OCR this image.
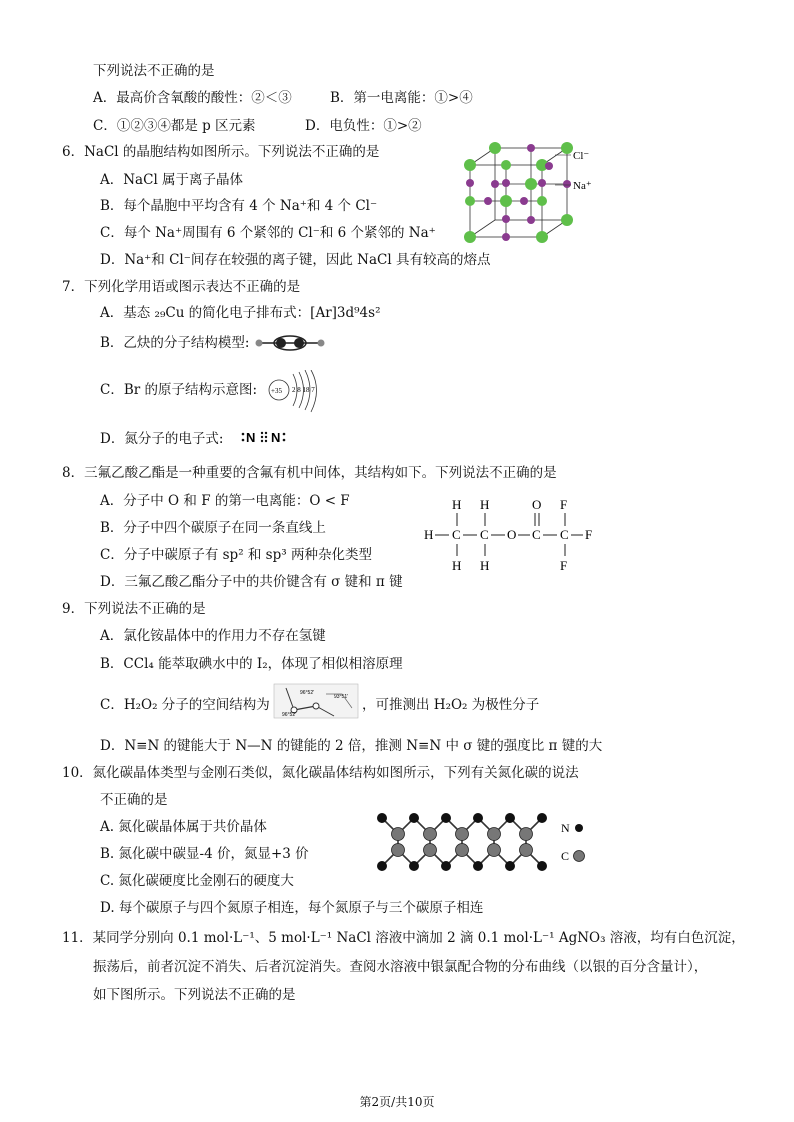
下列说法不正确的是
A．最高价含氧酸的酸性：②＜③	B．第一电离能：①>④
C．①②③④都是 p 区元素	D．电负性：①>②
6．NaCl 的晶胞结构如图所示。下列说法不正确的是
A．NaCl 属于离子晶体
B．每个晶胞中平均含有 4 个 Na⁺和 4 个 Cl⁻
C．每个 Na⁺周围有 6 个紧邻的 Cl⁻和 6 个紧邻的 Na⁺
D．Na⁺和 Cl⁻间存在较强的离子键，因此 NaCl 具有较高的熔点
Cl⁻
Na⁺
7．下列化学用语或图示表达不正确的是
A．基态 ₂₉Cu 的简化电子排布式：[Ar]3d⁹4s²
B．乙炔的分子结构模型:
C．Br 的原子结构示意图: +35 2 8 18 7
D．氮分子的电子式: N N
8．三氟乙酸乙酯是一种重要的含氟有机中间体，其结构如下。下列说法不正确的是
A．分子中 O 和 F 的第一电离能：O < F
B．分子中四个碳原子在同一条直线上
C．分子中碳原子有 sp² 和 sp³ 两种杂化类型
D．三氟乙酸乙酯分子中的共价键含有 σ 键和 π 键
H H	O F
H C C O C C F
H H	F
9．下列说法不正确的是
A．氯化铵晶体中的作用力不存在氢键
B．CCl₄ 能萃取碘水中的 I₂，体现了相似相溶原理
C．H₂O₂ 分子的空间结构为
96°52'
93°51'
96°52'
，可推测出 H₂O₂ 为极性分子
D．N≡N 的键能大于 N—N 的键能的 2 倍，推测 N≡N 中 σ 键的强度比 π 键的大
10．氮化碳晶体类型与金刚石类似，氮化碳晶体结构如图所示，下列有关氮化碳的说法
不正确的是
A. 氮化碳晶体属于共价晶体
B. 氮化碳中碳显-4 价，氮显+3 价
C. 氮化碳硬度比金刚石的硬度大
D. 每个碳原子与四个氮原子相连，每个氮原子与三个碳原子相连
N
C
11．某同学分别向 0.1 mol·L⁻¹、5 mol·L⁻¹ NaCl 溶液中滴加 2 滴 0.1 mol·L⁻¹ AgNO₃ 溶液，均有白色沉淀，
振荡后，前者沉淀不消失、后者沉淀消失。查阅水溶液中银氯配合物的分布曲线（以银的百分含量计），
如下图所示。下列说法不正确的是
第2页/共10页
